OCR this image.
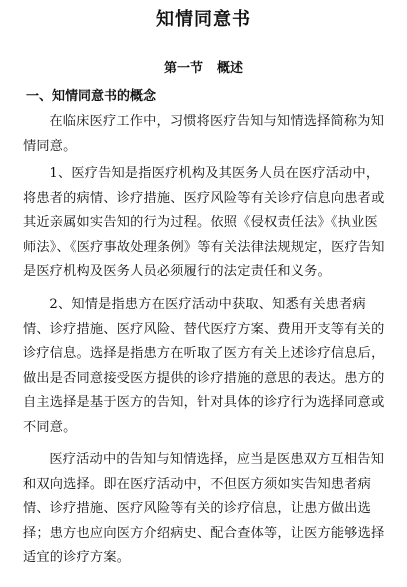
知情同意书
第一节 概述
一、知情同意书的概念

在临床医疗工作中，习惯将医疗告知与知情选择简称为知情同意。

1、医疗告知是指医疗机构及其医务人员在医疗活动中，将患者的病情、诊疗措施、医疗风险等有关诊疗信息向患者或其近亲属如实告知的行为过程。依照《侵权责任法》《执业医师法》、《医疗事故处理条例》等有关法律法规规定，医疗告知是医疗机构及医务人员必须履行的法定责任和义务。

2、知情是指患方在医疗活动中获取、知悉有关患者病情、诊疗措施、医疗风险、替代医疗方案、费用开支等有关的诊疗信息。选择是指患方在听取了医方有关上述诊疗信息后，做出是否同意接受医方提供的诊疗措施的意思的表达。患方的自主选择是基于医方的告知，针对具体的诊疗行为选择同意或不同意。

医疗活动中的告知与知情选择，应当是医患双方互相告知和双向选择。即在医疗活动中，不但医方须如实告知患者病情、诊疗措施、医疗风险等有关的诊疗信息，让患方做出选择；患方也应向医方介绍病史、配合查体等，让医方能够选择适宜的诊疗方案。
